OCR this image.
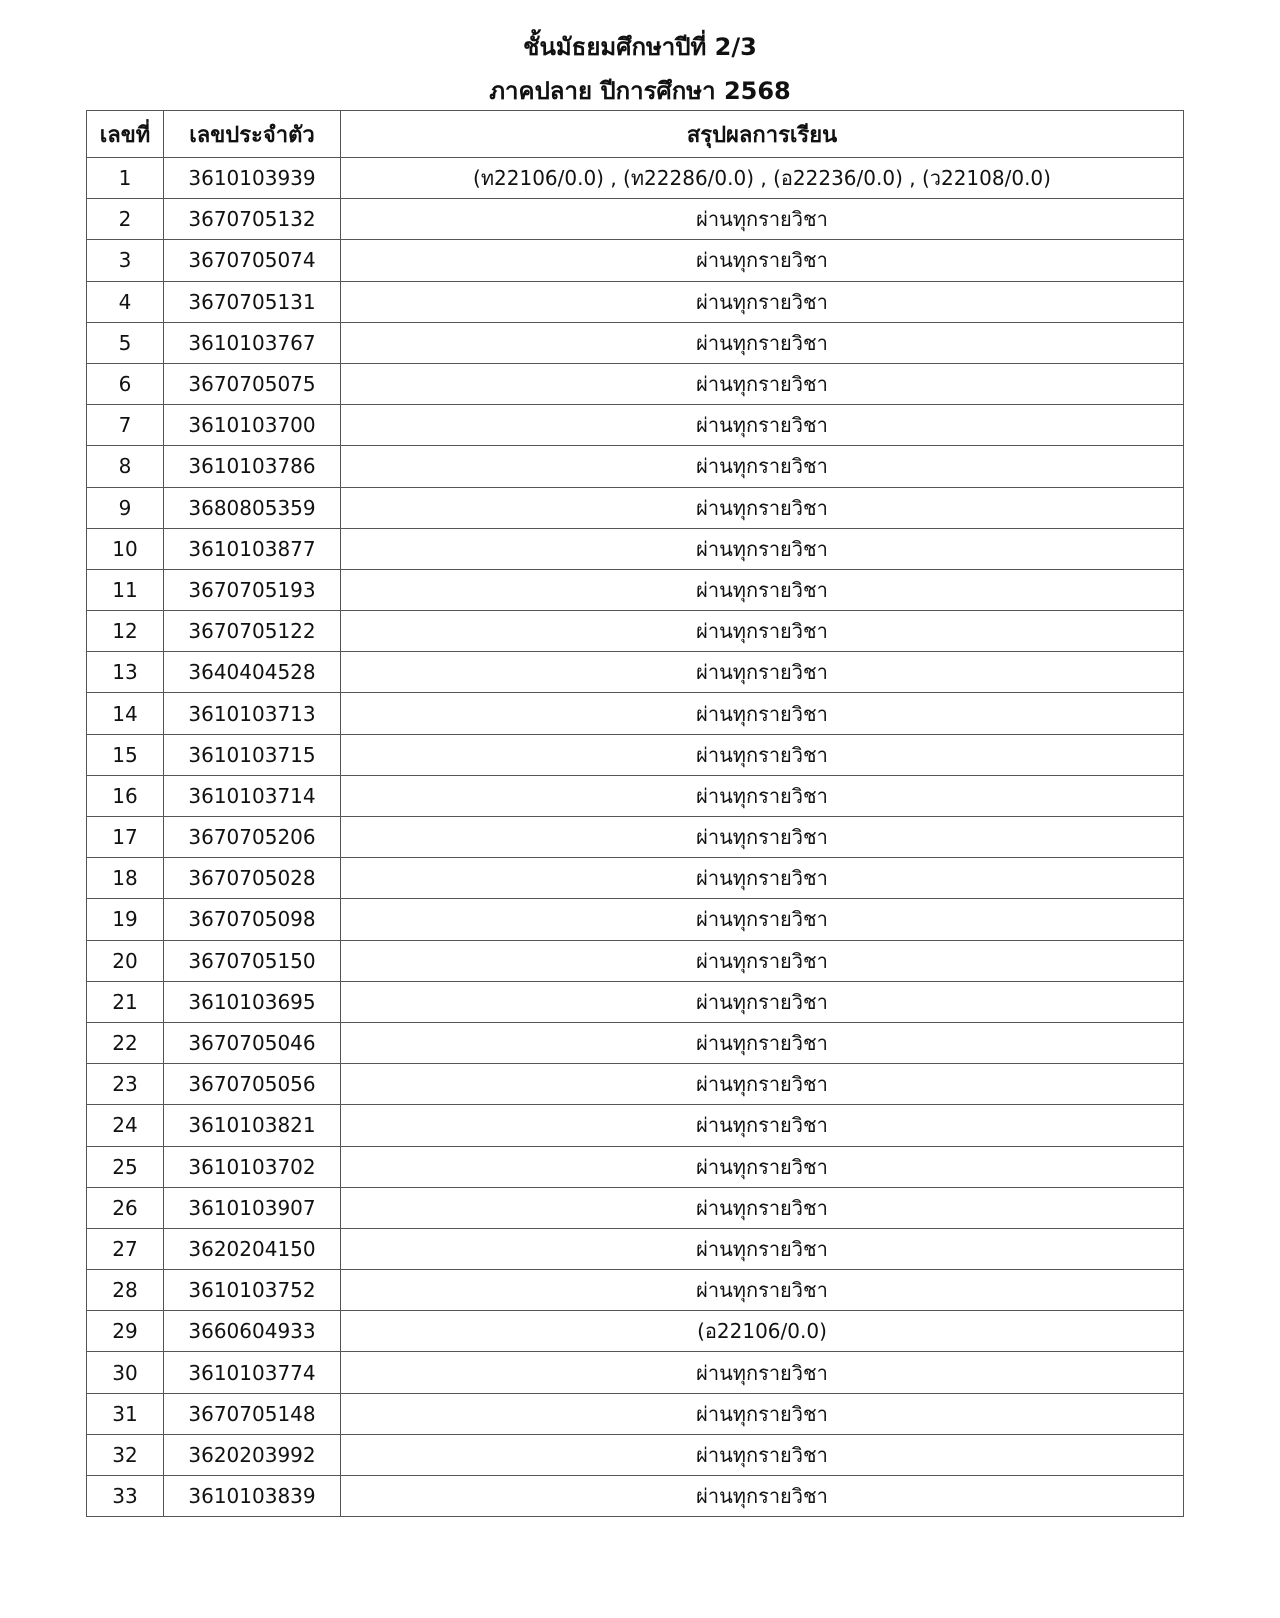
ชั้นมัธยมศึกษาปีที่ 2/3
ภาคปลาย ปีการศึกษา 2568
เลขที่	เลขประจำตัว	สรุปผลการเรียน
1	3610103939	(ท22106/0.0) , (ท22286/0.0) , (อ22236/0.0) , (ว22108/0.0)
2	3670705132	ผ่านทุกรายวิชา
3	3670705074	ผ่านทุกรายวิชา
4	3670705131	ผ่านทุกรายวิชา
5	3610103767	ผ่านทุกรายวิชา
6	3670705075	ผ่านทุกรายวิชา
7	3610103700	ผ่านทุกรายวิชา
8	3610103786	ผ่านทุกรายวิชา
9	3680805359	ผ่านทุกรายวิชา
10	3610103877	ผ่านทุกรายวิชา
11	3670705193	ผ่านทุกรายวิชา
12	3670705122	ผ่านทุกรายวิชา
13	3640404528	ผ่านทุกรายวิชา
14	3610103713	ผ่านทุกรายวิชา
15	3610103715	ผ่านทุกรายวิชา
16	3610103714	ผ่านทุกรายวิชา
17	3670705206	ผ่านทุกรายวิชา
18	3670705028	ผ่านทุกรายวิชา
19	3670705098	ผ่านทุกรายวิชา
20	3670705150	ผ่านทุกรายวิชา
21	3610103695	ผ่านทุกรายวิชา
22	3670705046	ผ่านทุกรายวิชา
23	3670705056	ผ่านทุกรายวิชา
24	3610103821	ผ่านทุกรายวิชา
25	3610103702	ผ่านทุกรายวิชา
26	3610103907	ผ่านทุกรายวิชา
27	3620204150	ผ่านทุกรายวิชา
28	3610103752	ผ่านทุกรายวิชา
29	3660604933	(อ22106/0.0)
30	3610103774	ผ่านทุกรายวิชา
31	3670705148	ผ่านทุกรายวิชา
32	3620203992	ผ่านทุกรายวิชา
33	3610103839	ผ่านทุกรายวิชา
